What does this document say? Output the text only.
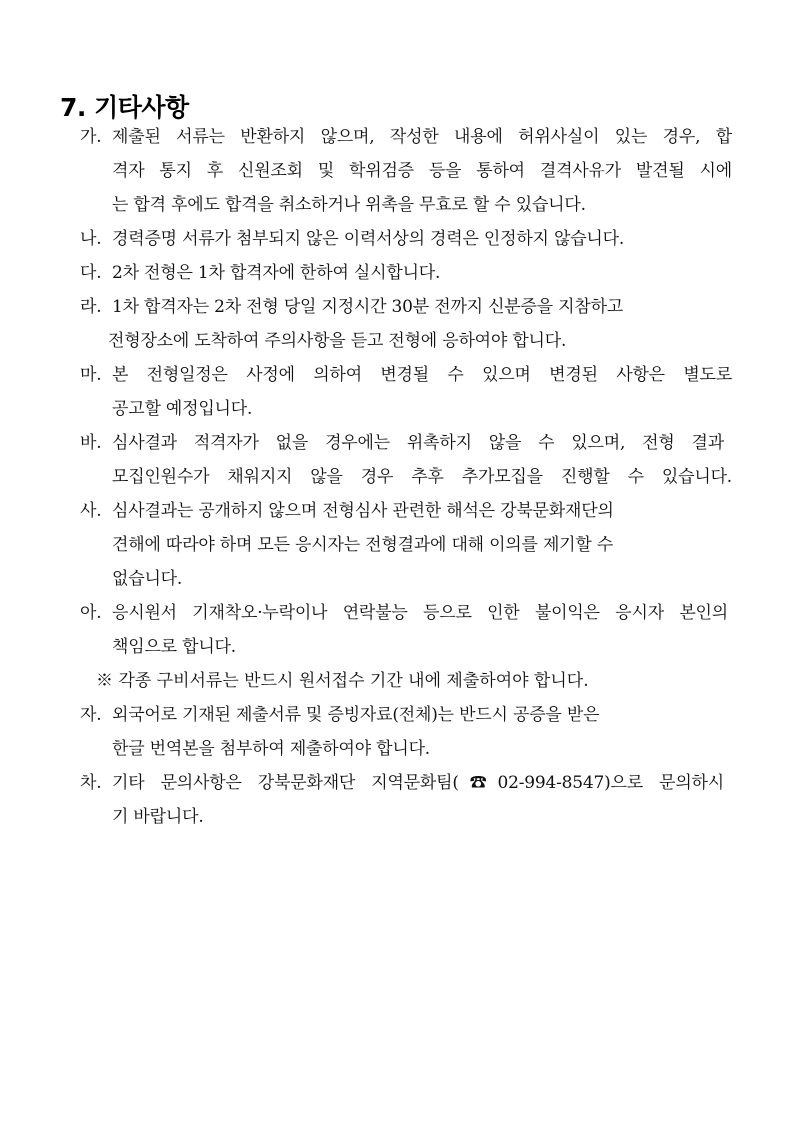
7. 기타사항
가. 제출된 서류는 반환하지 않으며, 작성한 내용에 허위사실이 있는 경우, 합
격자 통지 후 신원조회 및 학위검증 등을 통하여 결격사유가 발견될 시에
는 합격 후에도 합격을 취소하거나 위촉을 무효로 할 수 있습니다.
나. 경력증명 서류가 첨부되지 않은 이력서상의 경력은 인정하지 않습니다.
다. 2차 전형은 1차 합격자에 한하여 실시합니다.
라. 1차 합격자는 2차 전형 당일 지정시간 30분 전까지 신분증을 지참하고
전형장소에 도착하여 주의사항을 듣고 전형에 응하여야 합니다.
마. 본 전형일정은 사정에 의하여 변경될 수 있으며 변경된 사항은 별도로
공고할 예정입니다.
바. 심사결과 적격자가 없을 경우에는 위촉하지 않을 수 있으며, 전형 결과
모집인원수가 채워지지 않을 경우 추후 추가모집을 진행할 수 있습니다.
사. 심사결과는 공개하지 않으며 전형심사 관련한 해석은 강북문화재단의
견해에 따라야 하며 모든 응시자는 전형결과에 대해 이의를 제기할 수
없습니다.
아. 응시원서 기재착오·누락이나 연락불능 등으로 인한 불이익은 응시자 본인의
책임으로 합니다.
※ 각종 구비서류는 반드시 원서접수 기간 내에 제출하여야 합니다.
자. 외국어로 기재된 제출서류 및 증빙자료(전체)는 반드시 공증을 받은
한글 번역본을 첨부하여 제출하여야 합니다.
차. 기타 문의사항은 강북문화재단 지역문화팀(☎02-994-8547)으로 문의하시
기 바랍니다.
